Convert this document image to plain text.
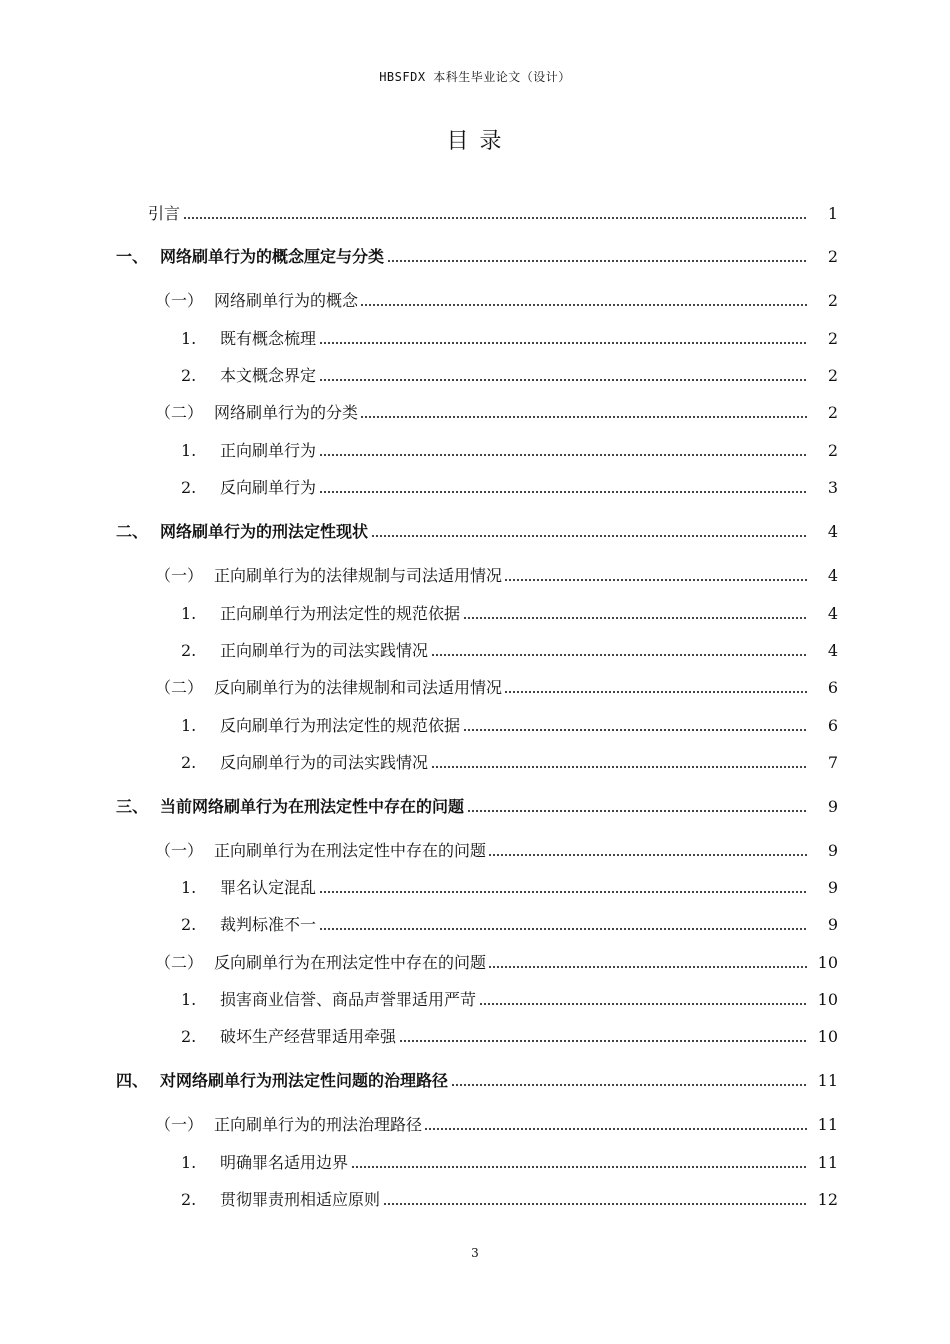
HBSFDX 本科生毕业论文（设计）
目 录
引言	1
一、 网络刷单行为的概念厘定与分类	2
（一） 网络刷单行为的概念	2
1. 既有概念梳理	2
2. 本文概念界定	2
（二） 网络刷单行为的分类	2
1. 正向刷单行为	2
2. 反向刷单行为	3
二、 网络刷单行为的刑法定性现状	4
（一） 正向刷单行为的法律规制与司法适用情况	4
1. 正向刷单行为刑法定性的规范依据	4
2. 正向刷单行为的司法实践情况	4
（二） 反向刷单行为的法律规制和司法适用情况	6
1. 反向刷单行为刑法定性的规范依据	6
2. 反向刷单行为的司法实践情况	7
三、 当前网络刷单行为在刑法定性中存在的问题	9
（一） 正向刷单行为在刑法定性中存在的问题	9
1. 罪名认定混乱	9
2. 裁判标准不一	9
（二） 反向刷单行为在刑法定性中存在的问题	10
1. 损害商业信誉、商品声誉罪适用严苛	10
2. 破坏生产经营罪适用牵强	10
四、 对网络刷单行为刑法定性问题的治理路径	11
（一） 正向刷单行为的刑法治理路径	11
1. 明确罪名适用边界	11
2. 贯彻罪责刑相适应原则	12
3
